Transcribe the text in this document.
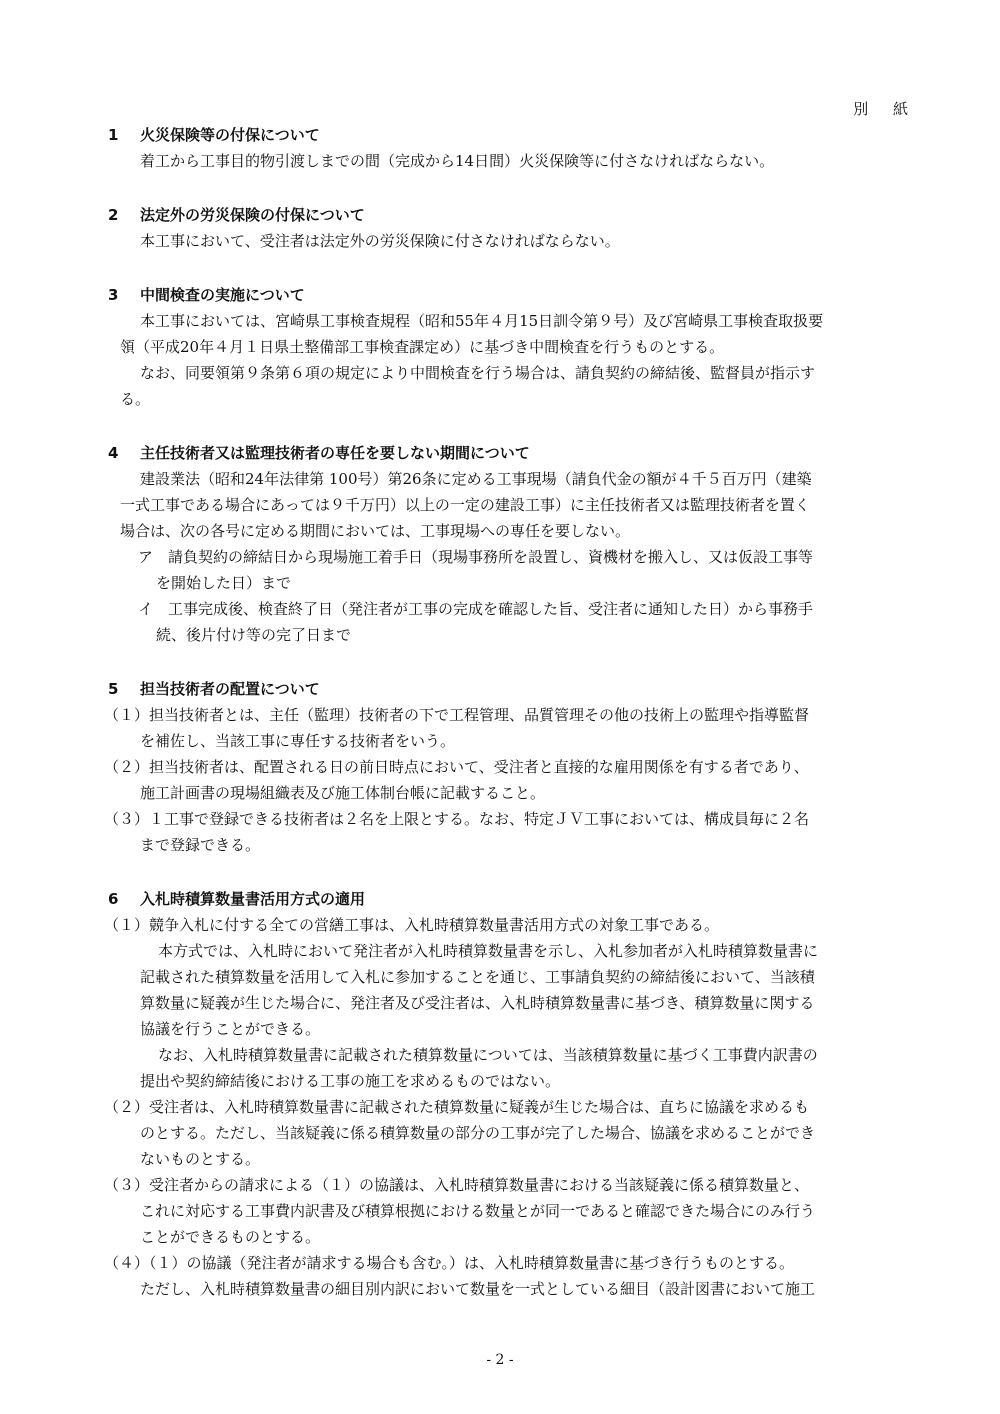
別 紙
1 火災保険等の付保について
着工から工事目的物引渡しまでの間（完成から14日間）火災保険等に付さなければならない。
2 法定外の労災保険の付保について
本工事において、受注者は法定外の労災保険に付さなければならない。
3 中間検査の実施について
本工事においては、宮崎県工事検査規程（昭和55年４月15日訓令第９号）及び宮崎県工事検査取扱要
領（平成20年４月１日県土整備部工事検査課定め）に基づき中間検査を行うものとする。
なお、同要領第９条第６項の規定により中間検査を行う場合は、請負契約の締結後、監督員が指示す
る。
4 主任技術者又は監理技術者の専任を要しない期間について
建設業法（昭和24年法律第 100号）第26条に定める工事現場（請負代金の額が４千５百万円（建築
一式工事である場合にあっては９千万円）以上の一定の建設工事）に主任技術者又は監理技術者を置く
場合は、次の各号に定める期間においては、工事現場への専任を要しない。
ア　請負契約の締結日から現場施工着手日（現場事務所を設置し、資機材を搬入し、又は仮設工事等
を開始した日）まで
イ　工事完成後、検査終了日（発注者が工事の完成を確認した旨、受注者に通知した日）から事務手
続、後片付け等の完了日まで
5 担当技術者の配置について
（１）担当技術者とは、主任（監理）技術者の下で工程管理、品質管理その他の技術上の監理や指導監督
を補佐し、当該工事に専任する技術者をいう。
（２）担当技術者は、配置される日の前日時点において、受注者と直接的な雇用関係を有する者であり、
施工計画書の現場組織表及び施工体制台帳に記載すること。
（３）１工事で登録できる技術者は２名を上限とする。なお、特定ＪＶ工事においては、構成員毎に２名
まで登録できる。
6 入札時積算数量書活用方式の適用
（１）競争入札に付する全ての営繕工事は、入札時積算数量書活用方式の対象工事である。
本方式では、入札時において発注者が入札時積算数量書を示し、入札参加者が入札時積算数量書に
記載された積算数量を活用して入札に参加することを通じ、工事請負契約の締結後において、当該積
算数量に疑義が生じた場合に、発注者及び受注者は、入札時積算数量書に基づき、積算数量に関する
協議を行うことができる。
なお、入札時積算数量書に記載された積算数量については、当該積算数量に基づく工事費内訳書の
提出や契約締結後における工事の施工を求めるものではない。
（２）受注者は、入札時積算数量書に記載された積算数量に疑義が生じた場合は、直ちに協議を求めるも
のとする。ただし、当該疑義に係る積算数量の部分の工事が完了した場合、協議を求めることができ
ないものとする。
（３）受注者からの請求による（１）の協議は、入札時積算数量書における当該疑義に係る積算数量と、
これに対応する工事費内訳書及び積算根拠における数量とが同一であると確認できた場合にのみ行う
ことができるものとする。
（４）（１）の協議（発注者が請求する場合も含む。）は、入札時積算数量書に基づき行うものとする。
ただし、入札時積算数量書の細目別内訳において数量を一式としている細目（設計図書において施工
- 2 -
